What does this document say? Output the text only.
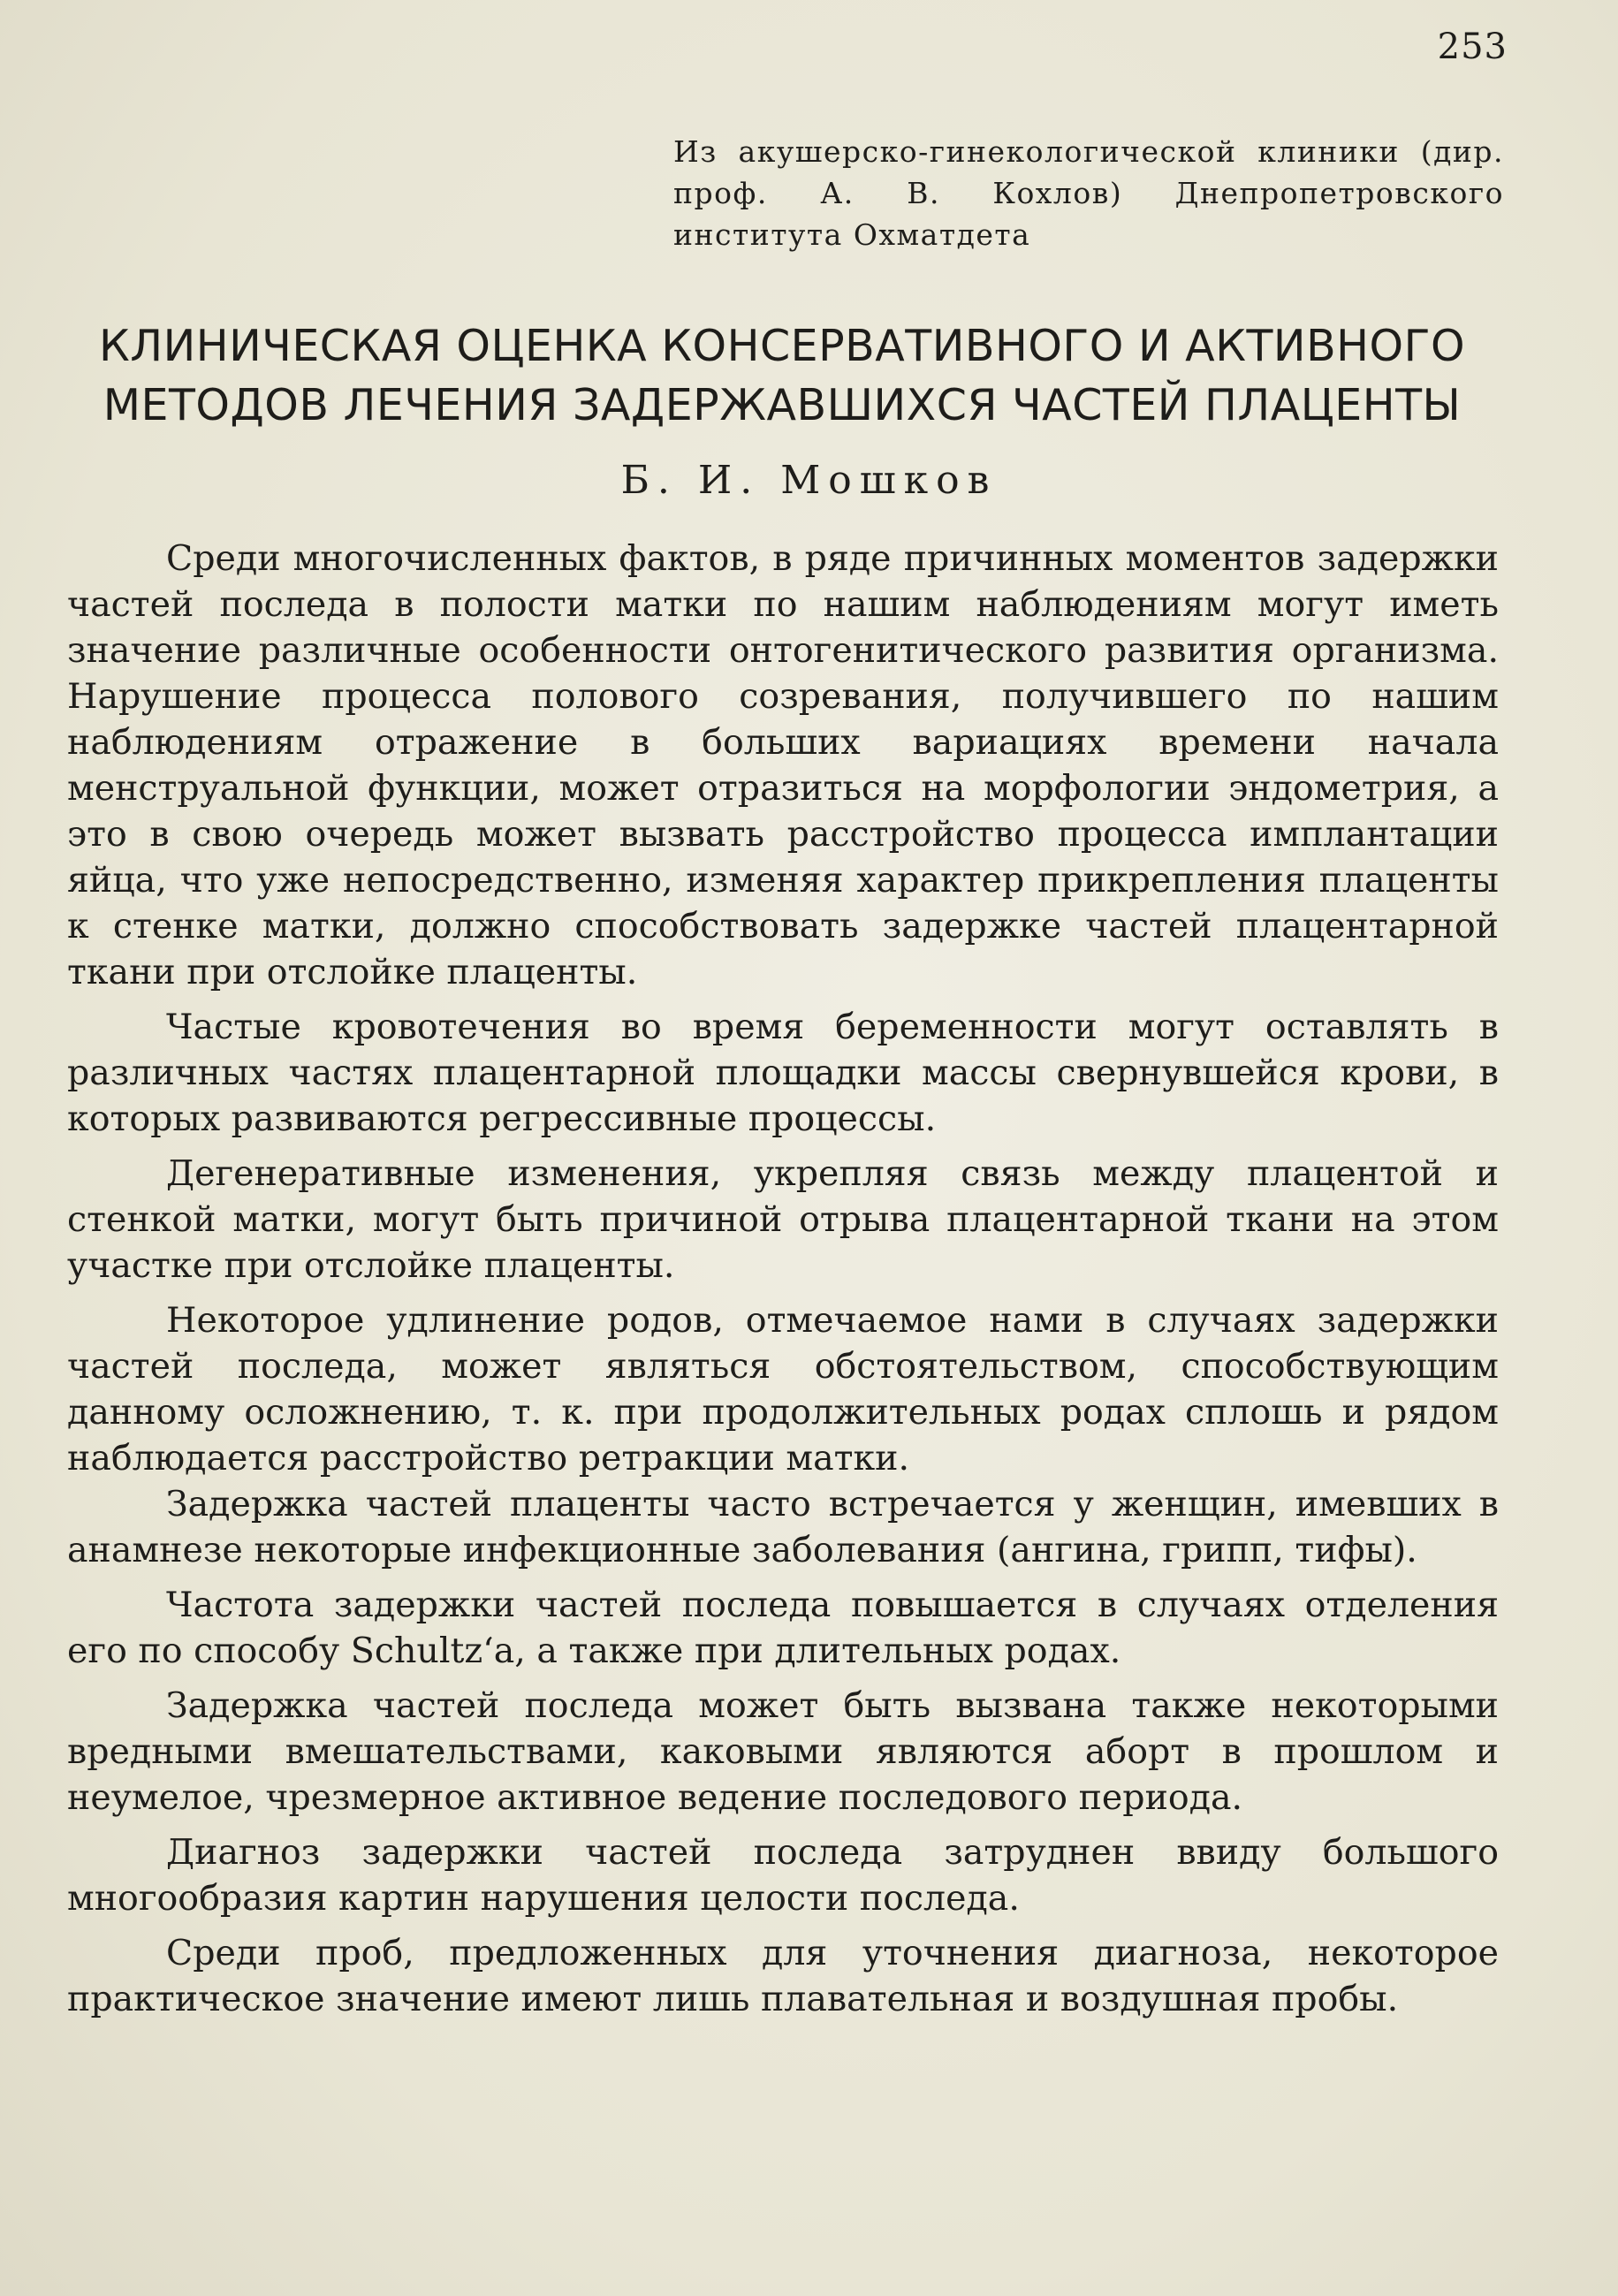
253
Из акушерско-гинекологической клиники (дир. проф. А. В. Кохлов) Днепропетровского института Охматдета
КЛИНИЧЕСКАЯ ОЦЕНКА КОНСЕРВАТИВНОГО И АКТИВНОГО
МЕТОДОВ ЛЕЧЕНИЯ ЗАДЕРЖАВШИХСЯ ЧАСТЕЙ ПЛАЦЕНТЫ
Б. И. Мошков

Среди многочисленных фактов, в ряде причинных моментов задержки частей последа в полости матки по нашим наблюдениям могут иметь значение различные особенности онтогенитического развития организма. Нарушение процесса полового созревания, получившего по нашим наблюдениям отражение в больших вариациях времени начала менструальной функции, может отразиться на морфологии эндометрия, а это в свою очередь может вызвать расстройство процесса имплантации яйца, что уже непосредственно, изменяя характер прикрепления плаценты к стенке матки, должно способствовать задержке частей плацентарной ткани при отслойке плаценты.

Частые кровотечения во время беременности могут оставлять в различных частях плацентарной площадки массы свернувшейся крови, в которых развиваются регрессивные процессы.

Дегенеративные изменения, укрепляя связь между плацентой и стенкой матки, могут быть причиной отрыва плацентарной ткани на этом участке при отслойке плаценты.

Некоторое удлинение родов, отмечаемое нами в случаях задержки частей последа, может являться обстоятельством, способствующим данному осложнению, т. к. при продолжительных родах сплошь и рядом наблюдается расстройство ретракции матки.

Задержка частей плаценты часто встречается у женщин, имевших в анамнезе некоторые инфекционные заболевания (ангина, грипп, тифы).

Частота задержки частей последа повышается в случаях отделения его по способу Schultz‘а, а также при длительных родах.

Задержка частей последа может быть вызвана также некоторыми вредными вмешательствами, каковыми являются аборт в прошлом и неумелое, чрезмерное активное ведение последового периода.

Диагноз задержки частей последа затруднен ввиду большого многообразия картин нарушения целости последа.

Среди проб, предложенных для уточнения диагноза, некоторое практическое значение имеют лишь плавательная и воздушная пробы.
